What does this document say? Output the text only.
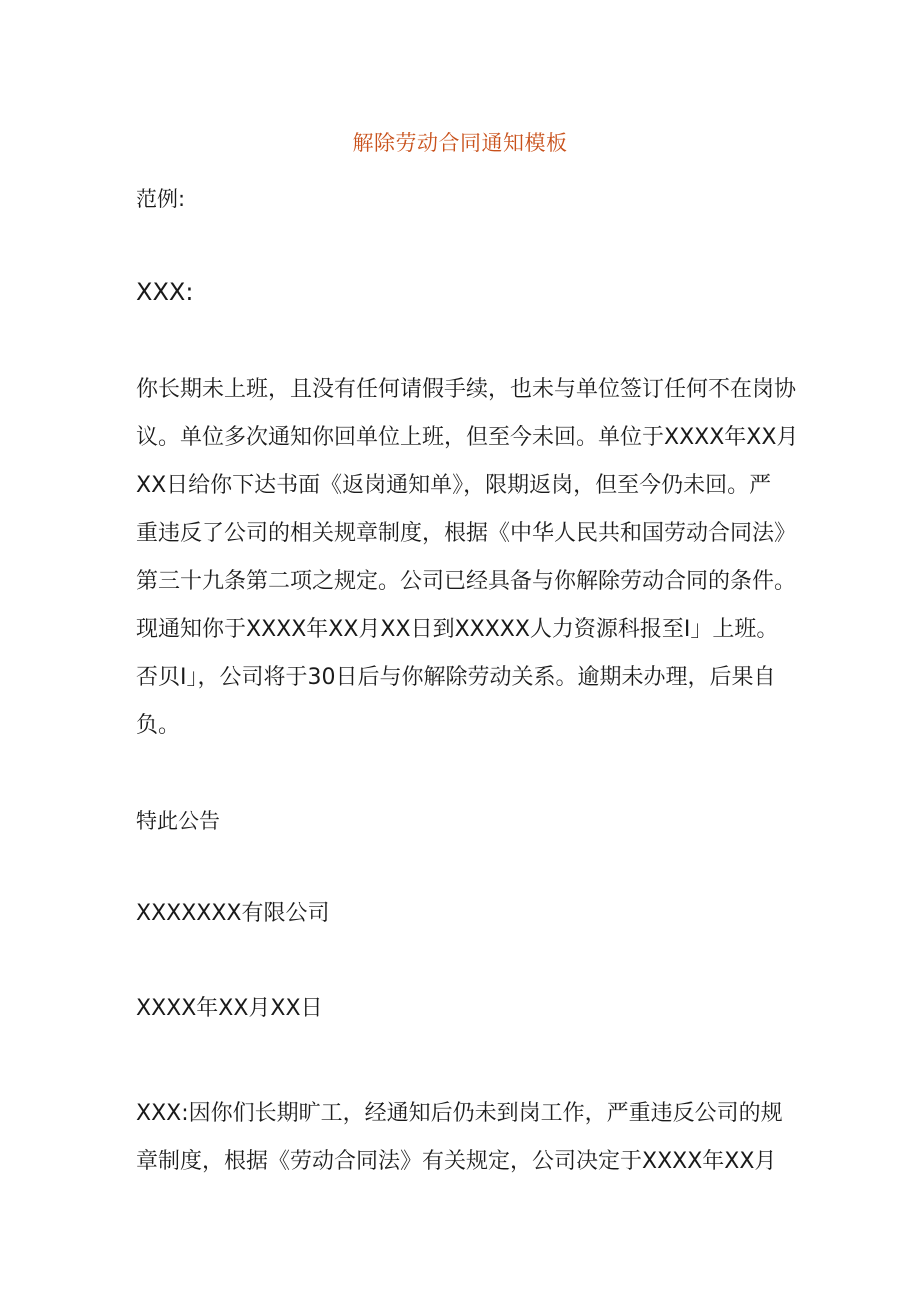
解除劳动合同通知模板
范例:
XXX:
你长期未上班，且没有任何请假手续，也未与单位签订任何不在岗协
议。单位多次通知你回单位上班，但至今未回。单位于XXXX年XX月
XX日给你下达书面《返岗通知单》，限期返岗，但至今仍未回。严
重违反了公司的相关规章制度，根据《中华人民共和国劳动合同法》
第三十九条第二项之规定。公司已经具备与你解除劳动合同的条件。
现通知你于XXXX年XX月XX日到XXXXX人力资源科报至I」上班。
否贝I」，公司将于30日后与你解除劳动关系。逾期未办理，后果自
负。
特此公告
XXXXXXX有限公司
XXXX年XX月XX日
XXX:因你们长期旷工，经通知后仍未到岗工作，严重违反公司的规
章制度，根据《劳动合同法》有关规定，公司决定于XXXX年XX月
